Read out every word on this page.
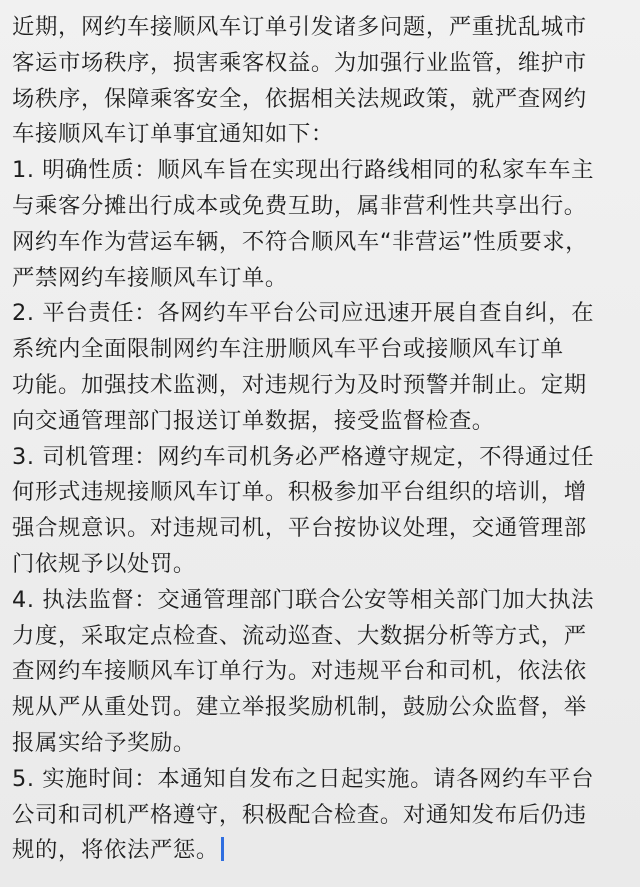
近期，网约车接顺风车订单引发诸多问题，严重扰乱城市
客运市场秩序，损害乘客权益。为加强行业监管，维护市
场秩序，保障乘客安全，依据相关法规政策，就严查网约
车接顺风车订单事宜通知如下：
1. 明确性质：顺风车旨在实现出行路线相同的私家车车主
与乘客分摊出行成本或免费互助，属非营利性共享出行。
网约车作为营运车辆，不符合顺风车“非营运”性质要求，
严禁网约车接顺风车订单。
2. 平台责任：各网约车平台公司应迅速开展自查自纠，在
系统内全面限制网约车注册顺风车平台或接顺风车订单
功能。加强技术监测，对违规行为及时预警并制止。定期
向交通管理部门报送订单数据，接受监督检查。
3. 司机管理：网约车司机务必严格遵守规定，不得通过任
何形式违规接顺风车订单。积极参加平台组织的培训，增
强合规意识。对违规司机，平台按协议处理，交通管理部
门依规予以处罚。
4. 执法监督：交通管理部门联合公安等相关部门加大执法
力度，采取定点检查、流动巡查、大数据分析等方式，严
查网约车接顺风车订单行为。对违规平台和司机，依法依
规从严从重处罚。建立举报奖励机制，鼓励公众监督，举
报属实给予奖励。
5. 实施时间：本通知自发布之日起实施。请各网约车平台
公司和司机严格遵守，积极配合检查。对通知发布后仍违
规的，将依法严惩。
